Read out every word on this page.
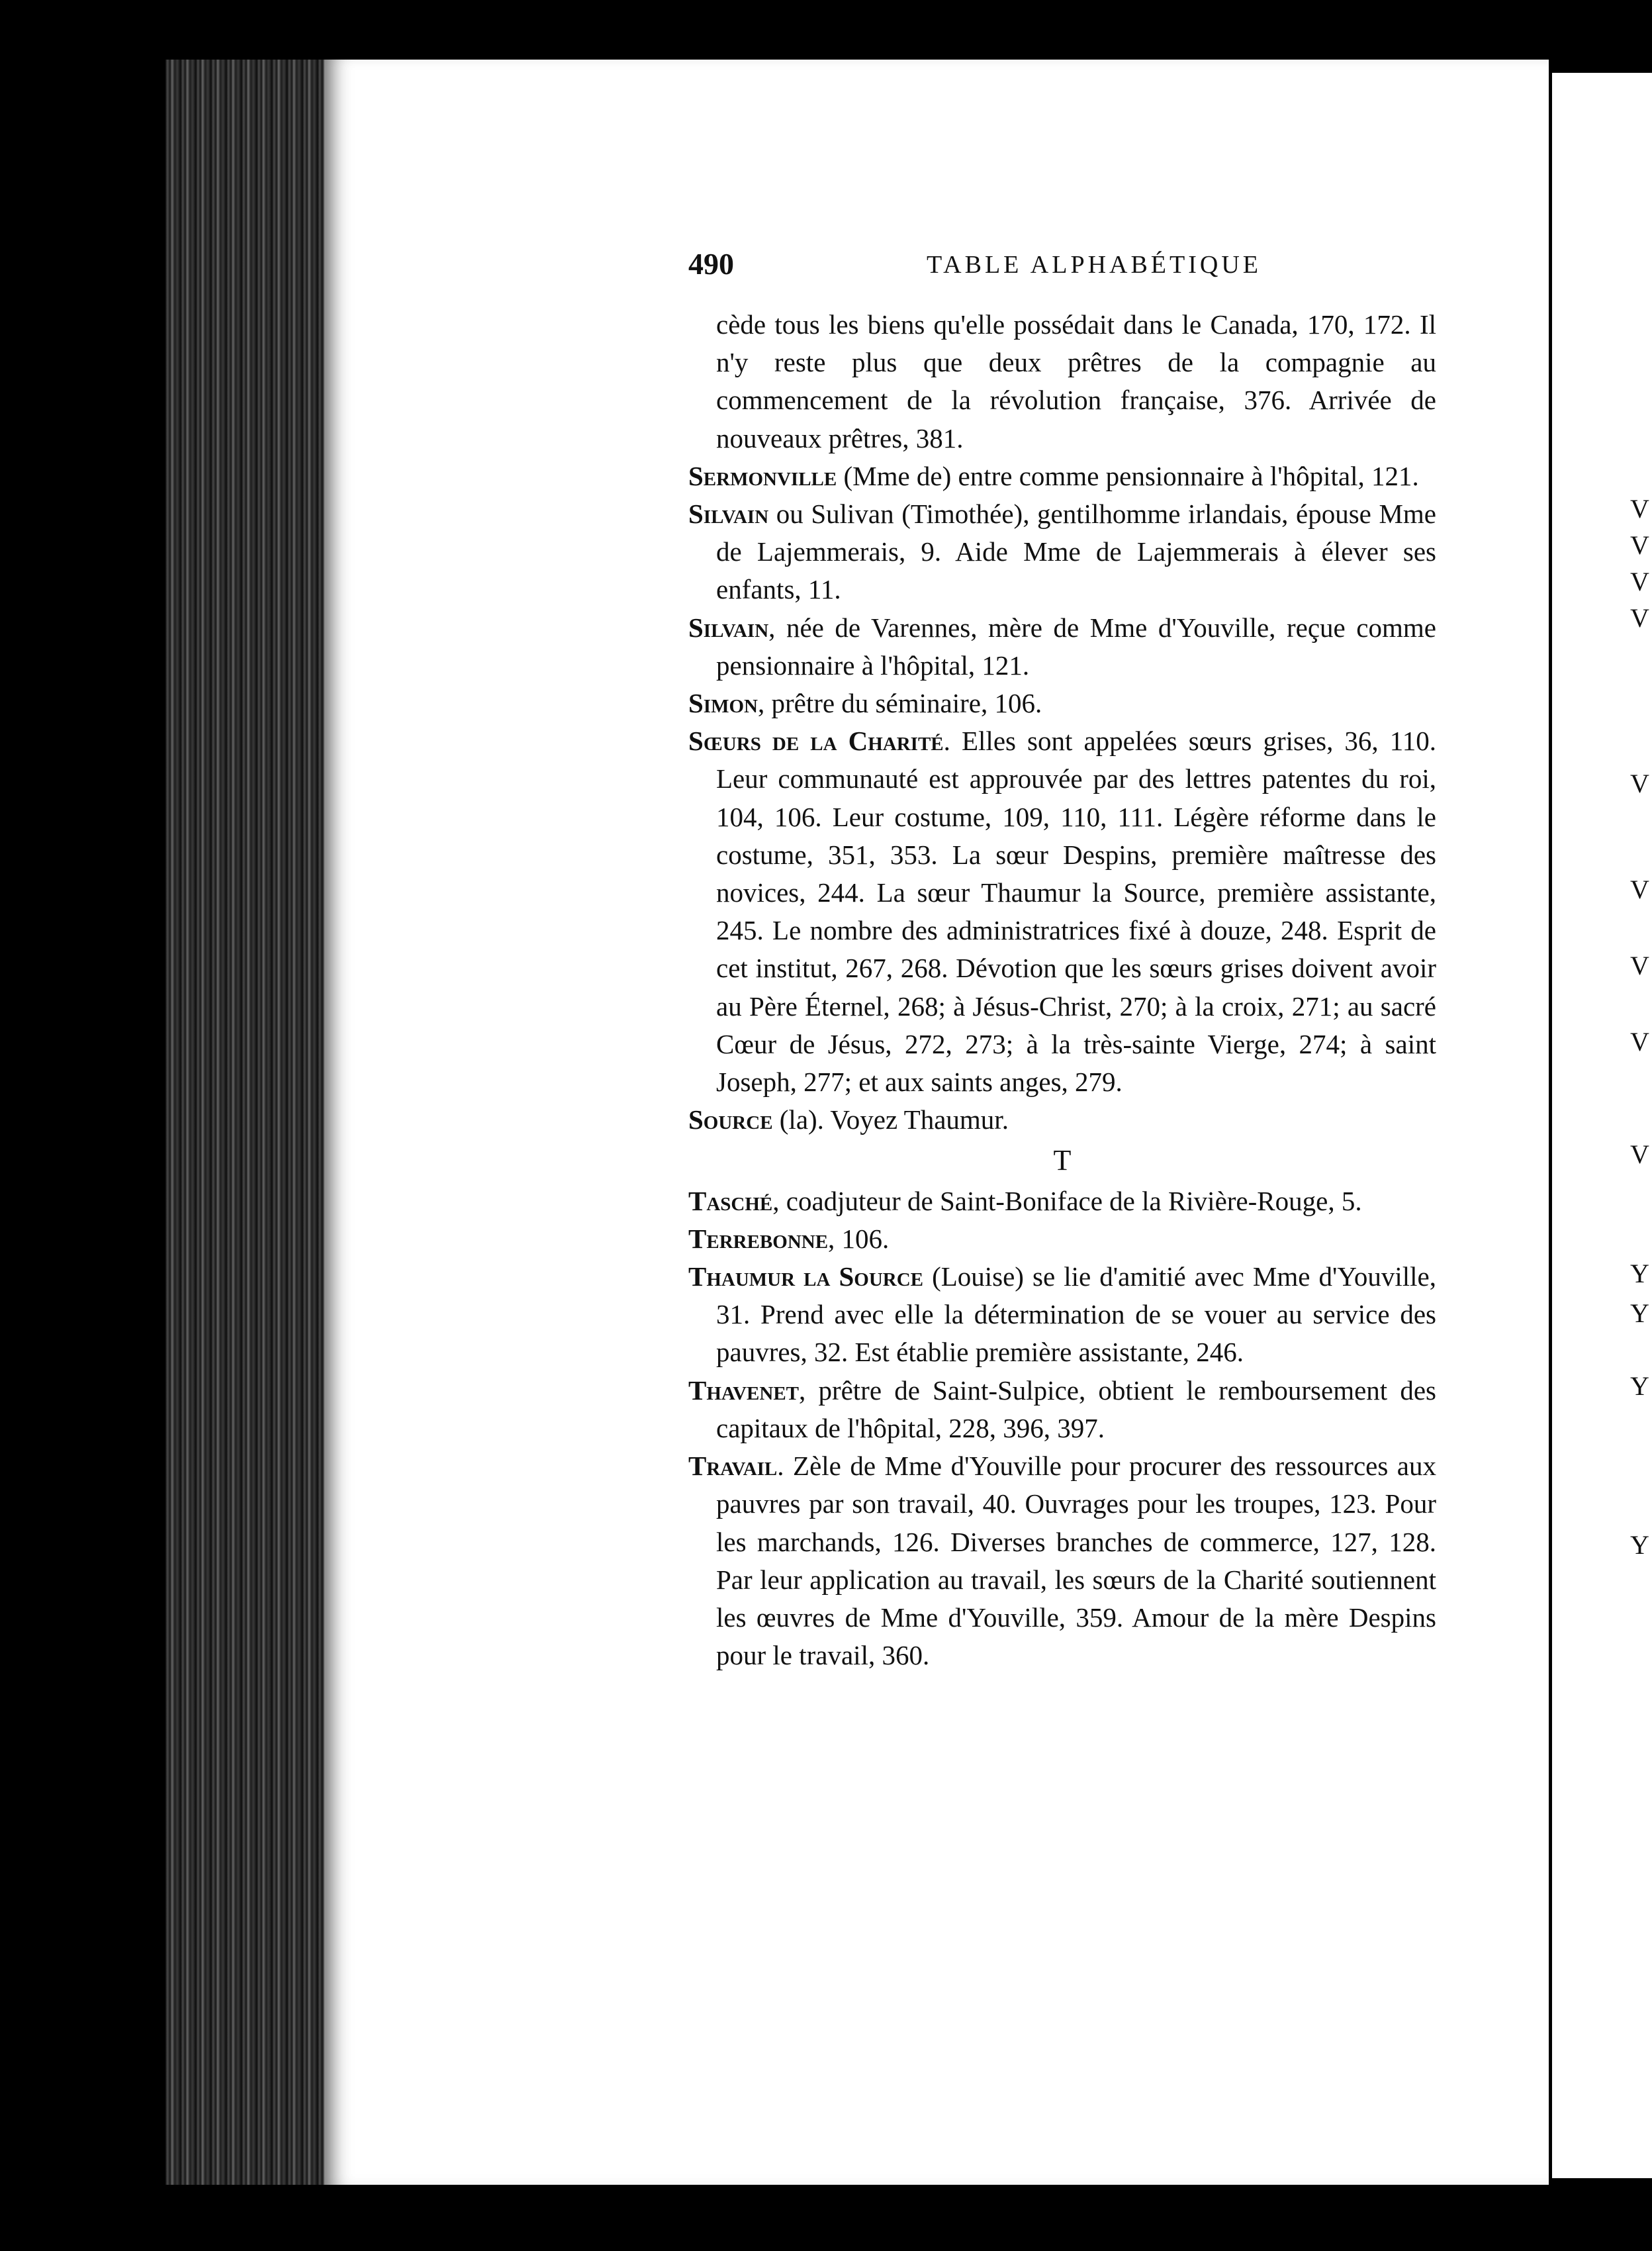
V
V
V
V
V
V
V
V
V
Y
Y
Y
Y
490	TABLE ALPHABÉTIQUE
cède tous les biens qu'elle possédait dans le Canada, 170, 172. Il n'y reste plus que deux prêtres de la compagnie au commencement de la révolution française, 376. Arrivée de nouveaux prêtres, 381.
Sermonville (Mme de) entre comme pensionnaire à l'hôpital, 121.
Silvain ou Sulivan (Timothée), gentilhomme irlandais, épouse Mme de Lajemmerais, 9. Aide Mme de Lajemmerais à élever ses enfants, 11.
Silvain, née de Varennes, mère de Mme d'Youville, reçue comme pensionnaire à l'hôpital, 121.
Simon, prêtre du séminaire, 106.
Sœurs de la Charité. Elles sont appelées sœurs grises, 36, 110. Leur communauté est approuvée par des lettres patentes du roi, 104, 106. Leur costume, 109, 110, 111. Légère réforme dans le costume, 351, 353. La sœur Despins, première maîtresse des novices, 244. La sœur Thaumur la Source, première assistante, 245. Le nombre des administratrices fixé à douze, 248. Esprit de cet institut, 267, 268. Dévotion que les sœurs grises doivent avoir au Père Éternel, 268; à Jésus-Christ, 270; à la croix, 271; au sacré Cœur de Jésus, 272, 273; à la très-sainte Vierge, 274; à saint Joseph, 277; et aux saints anges, 279.
Source (la). Voyez Thaumur.
T
Tasché, coadjuteur de Saint-Boniface de la Rivière-Rouge, 5.
Terrebonne, 106.
Thaumur la Source (Louise) se lie d'amitié avec Mme d'Youville, 31. Prend avec elle la détermination de se vouer au service des pauvres, 32. Est établie première assistante, 246.
Thavenet, prêtre de Saint-Sulpice, obtient le remboursement des capitaux de l'hôpital, 228, 396, 397.
Travail. Zèle de Mme d'Youville pour procurer des ressources aux pauvres par son travail, 40. Ouvrages pour les troupes, 123. Pour les marchands, 126. Diverses branches de commerce, 127, 128. Par leur application au travail, les sœurs de la Charité soutiennent les œuvres de Mme d'Youville, 359. Amour de la mère Despins pour le travail, 360.
